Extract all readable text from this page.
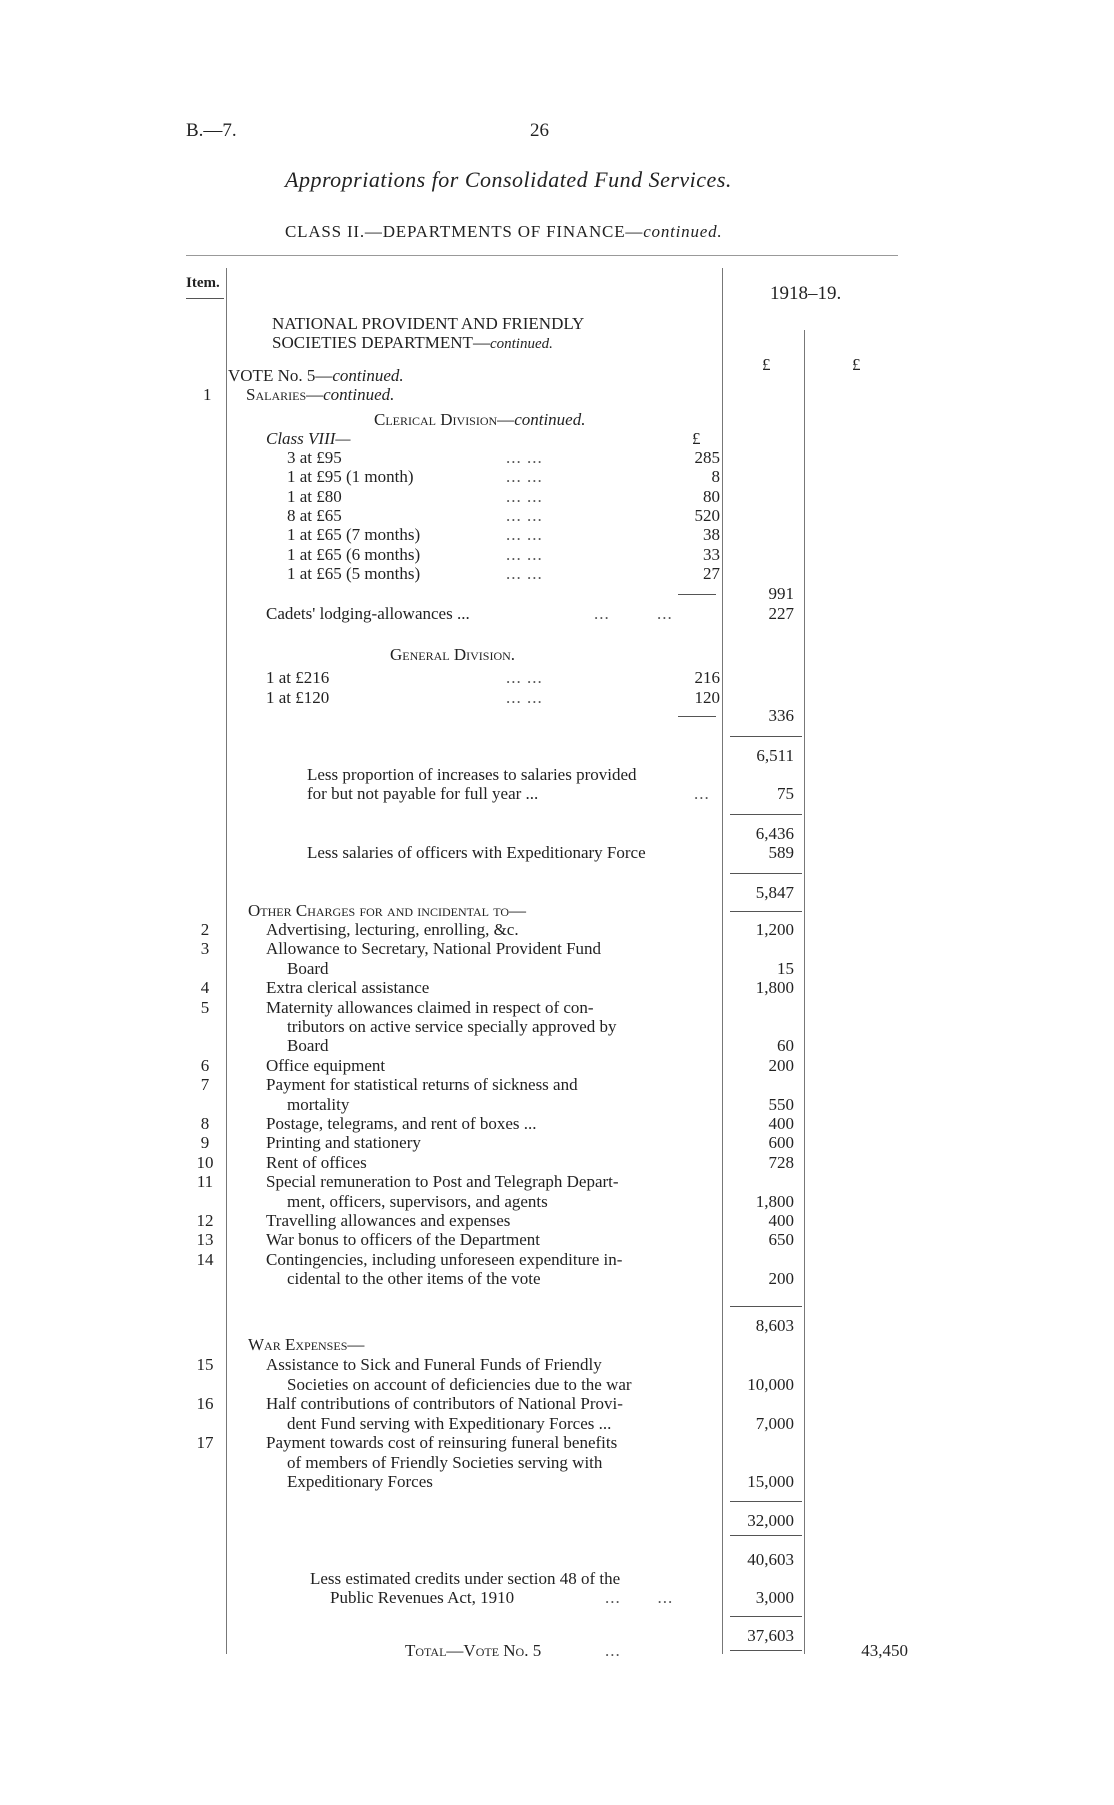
B.—7.	26
Appropriations for Consolidated Fund Services.
CLASS II.—DEPARTMENTS OF FINANCE—continued.
Item.	1918–19.
£	£
NATIONAL PROVIDENT AND FRIENDLY
SOCIETIES DEPARTMENT—continued.
VOTE No. 5—continued.
1 Salaries—continued.
Clerical Division—continued.
Class VIII—	£
3 at £95	... ...	285
1 at £95 (1 month)	... ...	8
1 at £80	... ...	80
8 at £65	... ...	520
1 at £65 (7 months)	... ...	38
1 at £65 (6 months)	... ...	33
1 at £65 (5 months)	... ...	27
991
Cadets' lodging-allowances ...	...         ...	227
General Division.
1 at £216	... ...	216
1 at £120	... ...	120
336
6,511
Less proportion of increases to salaries provided
for but not payable for full year ...	...	75
6,436
Less salaries of officers with Expeditionary Force	589
5,847
Other Charges for and incidental to—
2	Advertising, lecturing, enrolling, &c.	1,200
3	Allowance to Secretary, National Provident Fund
Board	15
4	Extra clerical assistance	1,800
5	Maternity allowances claimed in respect of con-
tributors on active service specially approved by
Board	60
6	Office equipment	200
7	Payment for statistical returns of sickness and
mortality	550
8	Postage, telegrams, and rent of boxes ...	400
9	Printing and stationery	600
10	Rent of offices	728
11	Special remuneration to Post and Telegraph Depart-
ment, officers, supervisors, and agents	1,800
12	Travelling allowances and expenses	400
13	War bonus to officers of the Department	650
14	Contingencies, including unforeseen expenditure in-
cidental to the other items of the vote	200
8,603
War Expenses—
15	Assistance to Sick and Funeral Funds of Friendly
Societies on account of deficiencies due to the war	10,000
16	Half contributions of contributors of National Provi-
dent Fund serving with Expeditionary Forces ...	7,000
17	Payment towards cost of reinsuring funeral benefits
of members of Friendly Societies serving with
Expeditionary Forces	15,000
32,000
40,603
Less estimated credits under section 48 of the
Public Revenues Act, 1910	...       ...	3,000
37,603
Total—Vote No. 5	...	43,450
